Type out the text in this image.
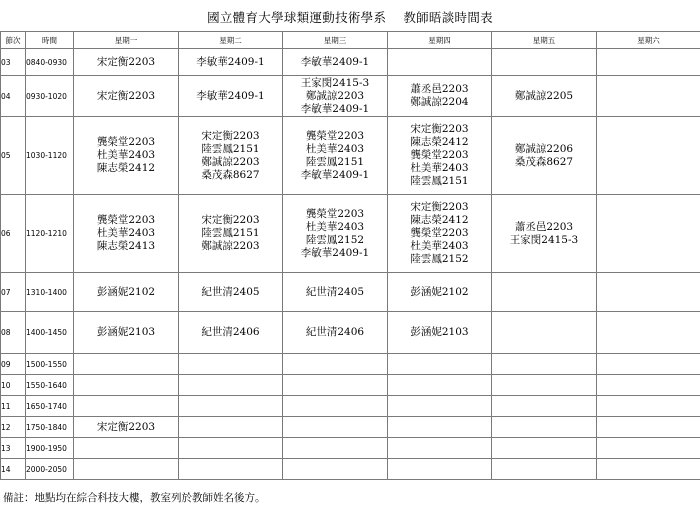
國立體育大學球類運動技術學系　 教師晤談時間表
節次	時間	星期一	星期二	星期三	星期四	星期五	星期六
03	0840-0930	宋定衡2203	李敏華2409-1	李敏華2409-1			

04	0930-1020	宋定衡2203	李敏華2409-1	王家閔2415-3
鄭誠諒2203
李敏華2409-1	蕭丞邑2203
鄭誠諒2204	鄭誠諒2205	

05	1030-1120	龔榮堂2203
杜美華2403
陳志榮2412	宋定衡2203
陸雲鳳2151
鄭誠諒2203
桑茂森8627	龔榮堂2203
杜美華2403
陸雲鳳2151
李敏華2409-1	宋定衡2203
陳志榮2412
龔榮堂2203
杜美華2403
陸雲鳳2151	鄭誠諒2206
桑茂森8627	

06	1120-1210	龔榮堂2203
杜美華2403
陳志榮2413	宋定衡2203
陸雲鳳2151
鄭誠諒2203	龔榮堂2203
杜美華2403
陸雲鳳2152
李敏華2409-1	宋定衡2203
陳志榮2412
龔榮堂2203
杜美華2403
陸雲鳳2152	蕭丞邑2203
王家閔2415-3	

07	1310-1400	彭涵妮2102	紀世清2405	紀世清2405	彭涵妮2102		

08	1400-1450	彭涵妮2103	紀世清2406	紀世清2406	彭涵妮2103		

09	1500-1550						
10	1550-1640						
11	1650-1740						
12	1750-1840	宋定衡2203					

13	1900-1950						
14	2000-2050						
備註：地點均在綜合科技大樓，教室列於教師姓名後方。
